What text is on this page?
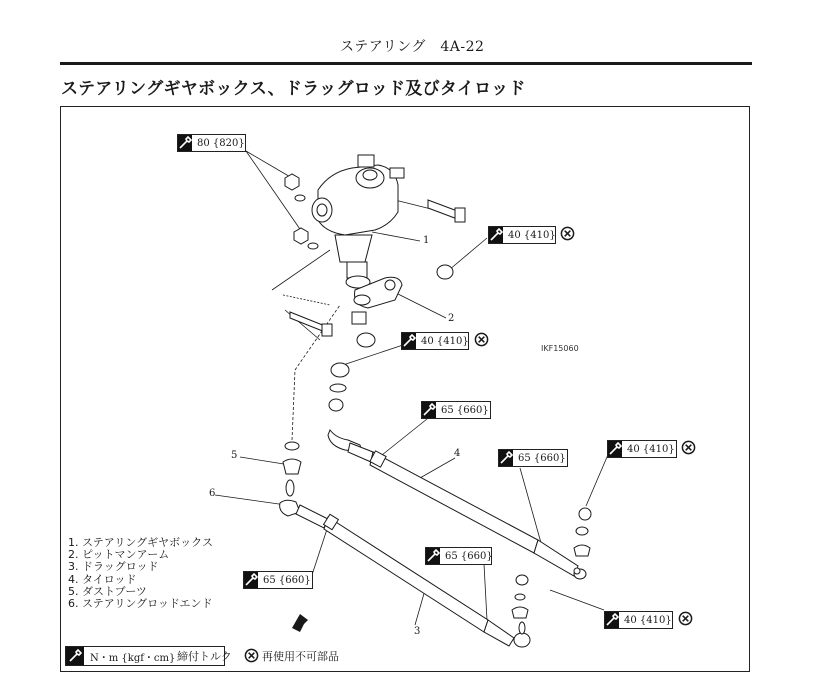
ステアリング　4A-22
ステアリングギヤボックス、ドラッグロッド及びタイロッド
80 {820}
40 {410}
40 {410}
65 {660}
65 {660}
40 {410}
65 {660}
65 {660}
40 {410}
1
2
4
5
6
3
IKF15060
1. ステアリングギヤボックス
2. ピットマンアーム
3. ドラッグロッド
4. タイロッド
5. ダストブーツ
6. ステアリングロッドエンド
N・m {kgf・cm} 締付トルク	再使用不可部品
